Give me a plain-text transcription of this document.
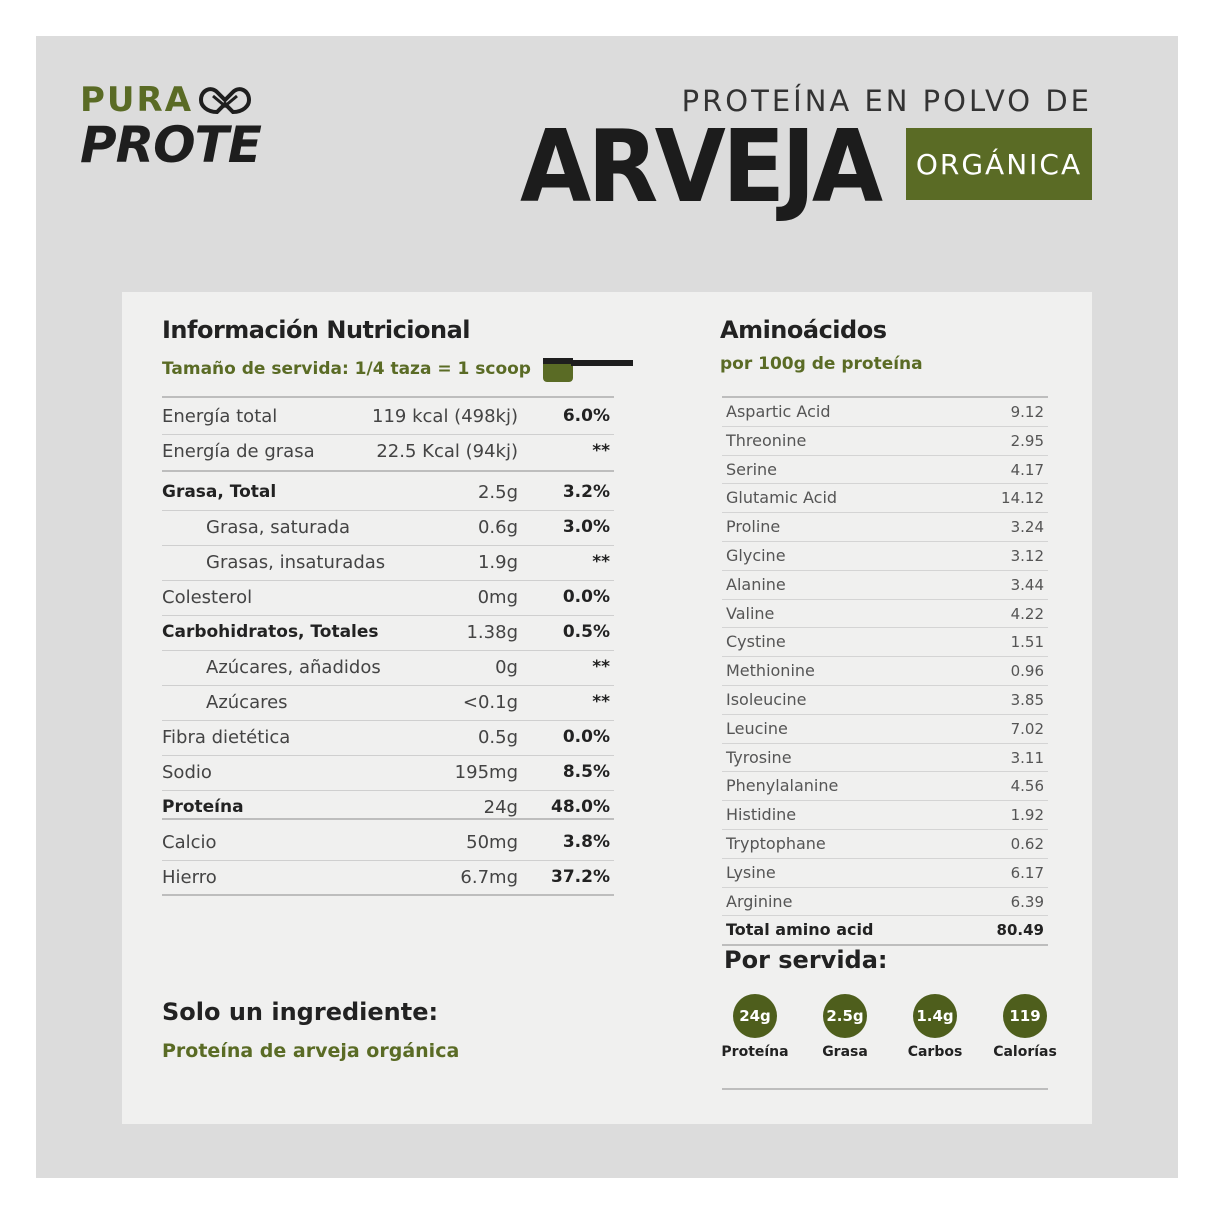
PURA
PROTE
PROTEÍNA EN POLVO DE
ARVEJA	ORGÁNICA
Información Nutricional
Tamaño de servida: 1/4 taza = 1 scoop
Energía total	119 kcal (498kj)	6.0%
Energía de grasa	22.5 Kcal (94kj)	**
Grasa, Total	2.5g	3.2%
Grasa, saturada	0.6g	3.0%
Grasas, insaturadas	1.9g	**
Colesterol	0mg	0.0%
Carbohidratos, Totales	1.38g	0.5%
Azúcares, añadidos	0g	**
Azúcares	<0.1g	**
Fibra dietética	0.5g	0.0%
Sodio	195mg	8.5%
Proteína	24g 48.0%
Calcio	50mg	3.8%
Hierro	6.7mg 37.2%
Solo un ingrediente:
Proteína de arveja orgánica
Aminoácidos
por 100g de proteína
Aspartic Acid	9.12
Threonine	2.95
Serine	4.17
Glutamic Acid	14.12
Proline	3.24
Glycine	3.12
Alanine	3.44
Valine	4.22
Cystine	1.51
Methionine	0.96
Isoleucine	3.85
Leucine	7.02
Tyrosine	3.11
Phenylalanine	4.56
Histidine	1.92
Tryptophane	0.62
Lysine	6.17
Arginine	6.39
Total amino acid	80.49
Por servida:
24g
Proteína
2.5g
Grasa
1.4g
Carbos
119
Calorías
